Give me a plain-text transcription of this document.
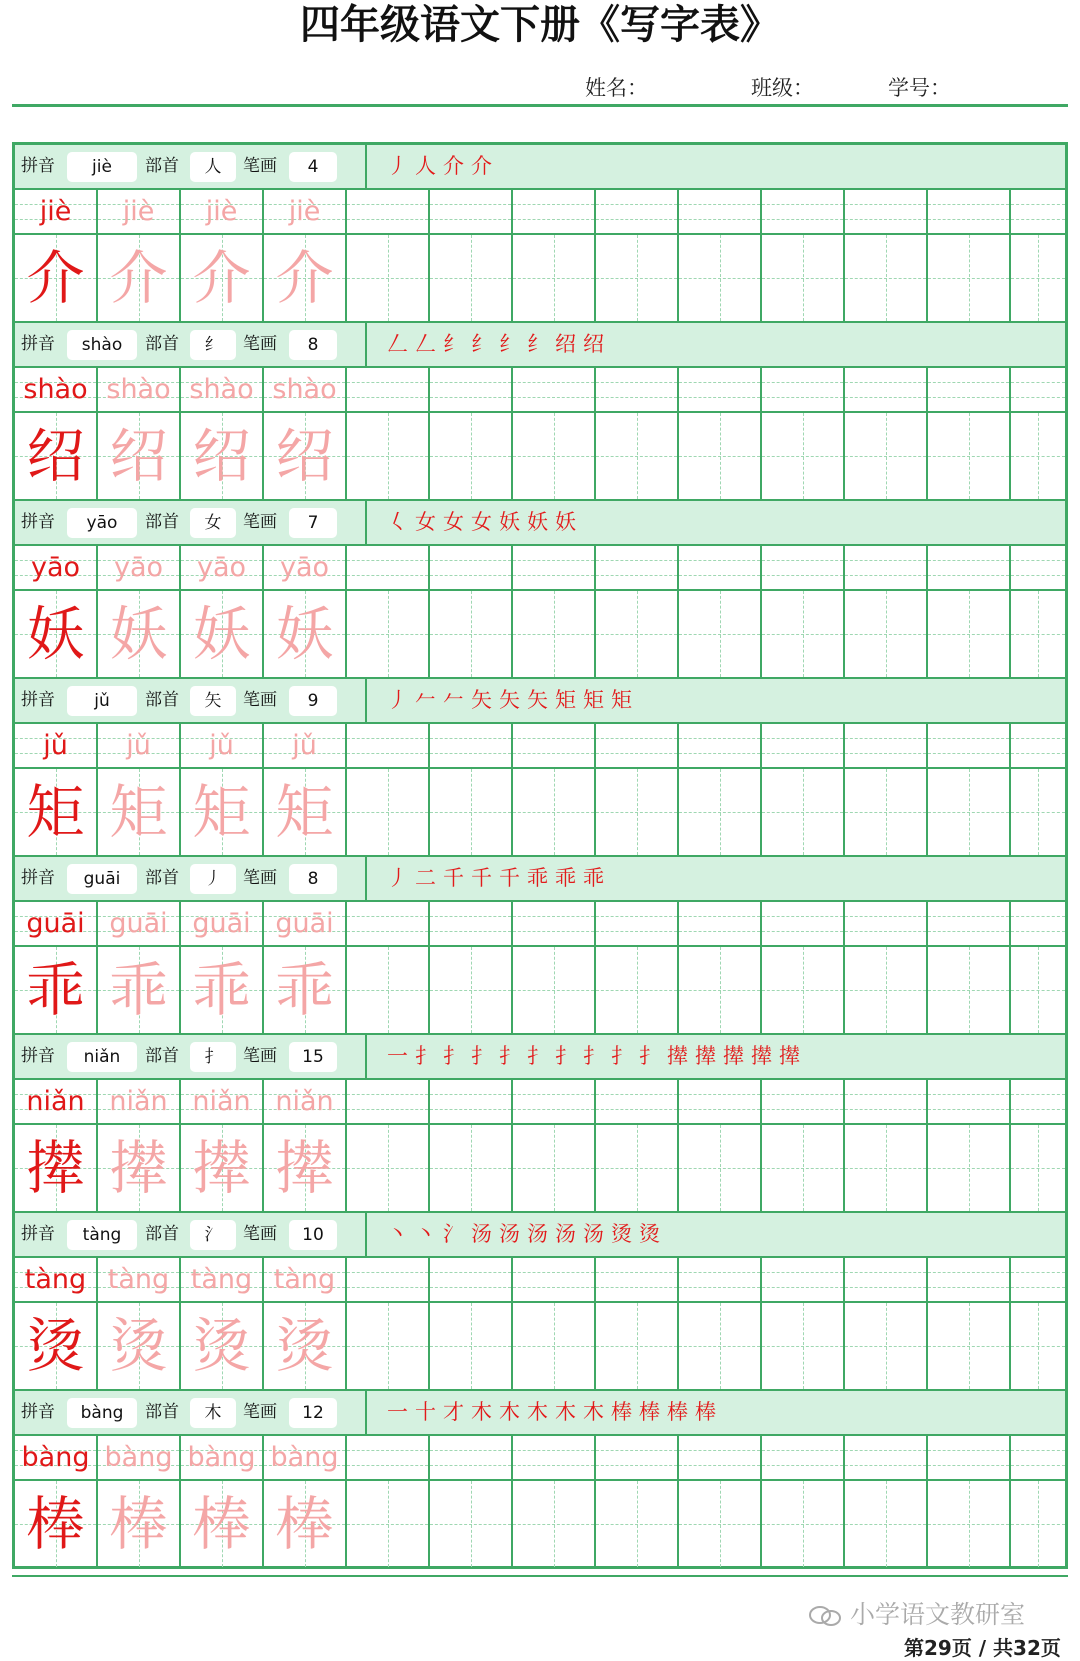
四年级语文下册《写字表》
姓名：	班级：	学号：
拼音	jiè	部首	人	笔画	4	丿 人 介 介
jiè	jiè	jiè	jiè
介 介 介 介
拼音	shào	部首	纟	笔画	8	𠃋 𠃋 纟 纟 纟 纟 绍 绍
shào shào shào shào
绍 绍 绍 绍
拼音	yāo	部首	女	笔画	7	𡿨 女 女 女 妖 妖 妖
yāo	yāo	yāo	yāo
妖 妖 妖 妖
拼音	jǔ	部首	矢	笔画	9	丿 𠂉 𠂉 矢 矢 矢 矩 矩 矩
jǔ	jǔ	jǔ	jǔ
矩 矩 矩 矩
拼音	guāi	部首	丿	笔画	8	丿 二 千 千 千 乖 乖 乖
guāi guāi guāi guāi
乖 乖 乖 乖
拼音	niǎn	部首	扌	笔画	15	一 扌 扌 扌 扌 扌 扌 扌 扌 扌 撵 撵 撵 撵 撵
niǎn niǎn niǎn niǎn
撵 撵 撵 撵
拼音	tàng	部首	氵	笔画	10	丶 丶 氵 汤 汤 汤 汤 汤 烫 烫
tàng tàng tàng tàng
烫 烫 烫 烫
拼音	bàng	部首	木	笔画	12	一 十 才 木 木 木 木 木 棒 棒 棒 棒
bàng bàng bàng bàng
棒 棒 棒 棒
小学语文教研室
第29页 / 共32页
